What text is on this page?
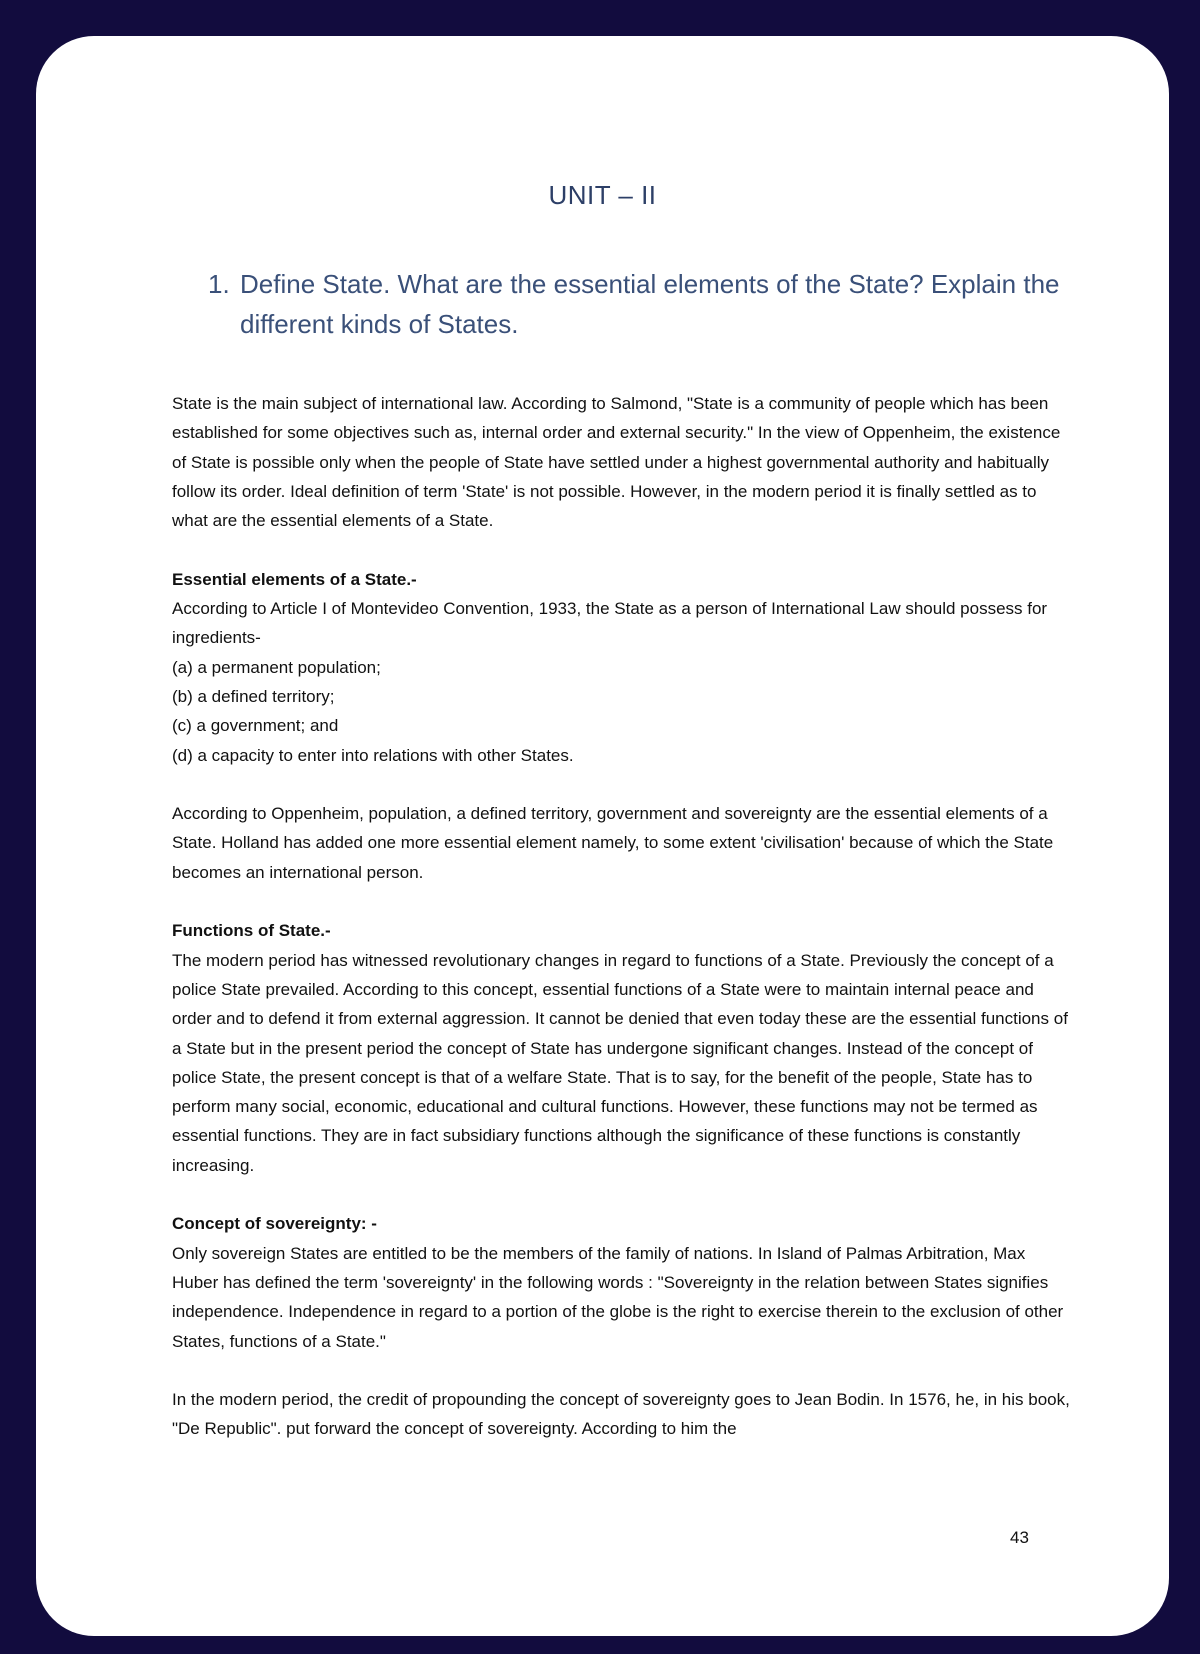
UNIT – II
1. Define State. What are the essential elements of the State? Explain the different kinds of States.

State is the main subject of international law. According to Salmond, "State is a community of people which has been established for some objectives such as, internal order and external security." In the view of Oppenheim, the existence of State is possible only when the people of State have settled under a highest governmental authority and habitually follow its order. Ideal definition of term 'State' is not possible. However, in the modern period it is finally settled as to what are the essential elements of a State.

Essential elements of a State.-
According to Article I of Montevideo Convention, 1933, the State as a person of International Law should possess for ingredients-
(a) a permanent population;
(b) a defined territory;
(c) a government; and
(d) a capacity to enter into relations with other States.

According to Oppenheim, population, a defined territory, government and sovereignty are the essential elements of a State. Holland has added one more essential element namely, to some extent 'civilisation' because of which the State becomes an international person.

Functions of State.-

The modern period has witnessed revolutionary changes in regard to functions of a State. Previously the concept of a police State prevailed. According to this concept, essential functions of a State were to maintain internal peace and order and to defend it from external aggression. It cannot be denied that even today these are the essential functions of a State but in the present period the concept of State has undergone significant changes. Instead of the concept of police State, the present concept is that of a welfare State. That is to say, for the benefit of the people, State has to perform many social, economic, educational and cultural functions. However, these functions may not be termed as essential functions. They are in fact subsidiary functions although the significance of these functions is constantly increasing.

Concept of sovereignty: -

Only sovereign States are entitled to be the members of the family of nations. In Island of Palmas Arbitration, Max Huber has defined the term 'sovereignty' in the following words : "Sovereignty in the relation between States signifies independence. Independence in regard to a portion of the globe is the right to exercise therein to the exclusion of other States, functions of a State."

In the modern period, the credit of propounding the concept of sovereignty goes to Jean Bodin. In 1576, he, in his book, "De Republic". put forward the concept of sovereignty. According to him the

43
